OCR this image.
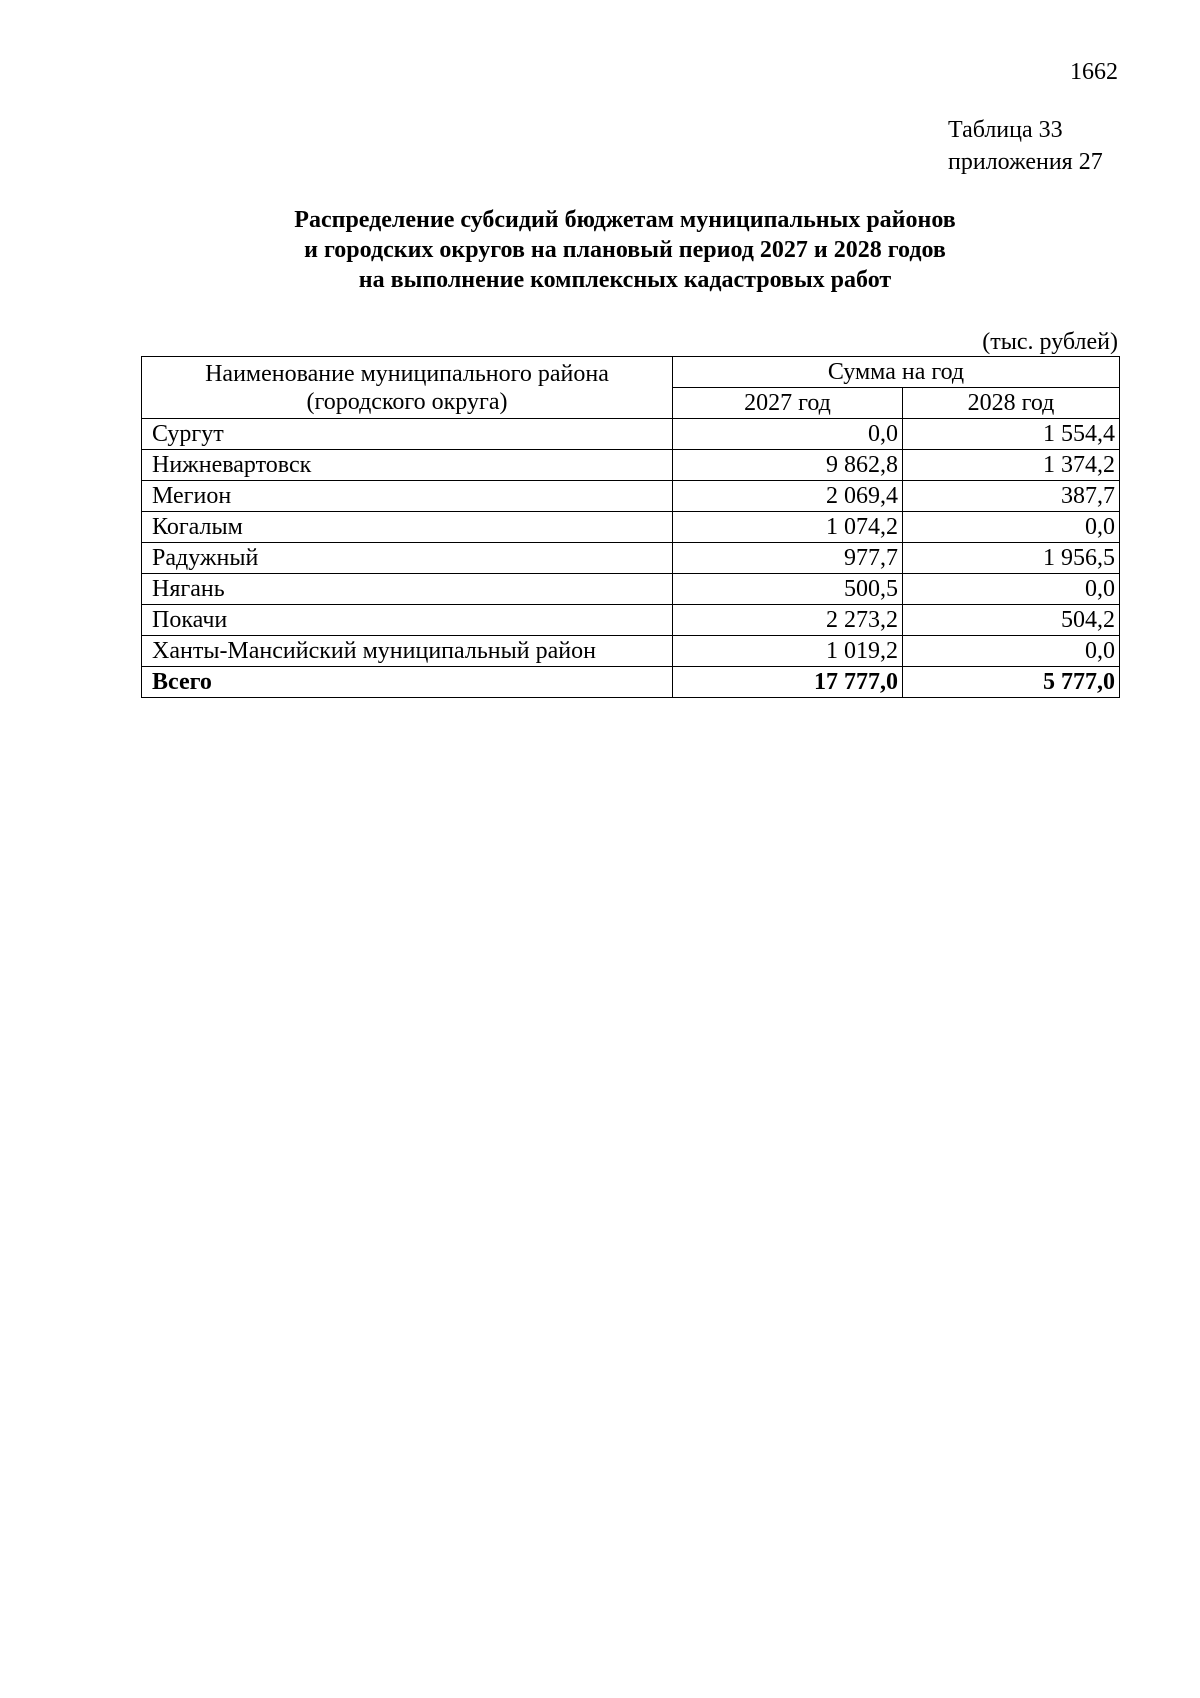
1662
Таблица 33
приложения 27
Распределение субсидий бюджетам муниципальных районов
и городских округов на плановый период 2027 и 2028 годов
на выполнение комплексных кадастровых работ
(тыс. рублей)
Наименование муниципального района
(городского округа)	Сумма на год	
	2027 год	2028 год
Сургут	0,0	1 554,4
Нижневартовск	9 862,8	1 374,2
Мегион	2 069,4	387,7
Когалым	1 074,2	0,0
Радужный	977,7	1 956,5
Нягань	500,5	0,0
Покачи	2 273,2	504,2
Ханты-Мансийский муниципальный район	1 019,2	0,0
Всего	17 777,0	5 777,0
